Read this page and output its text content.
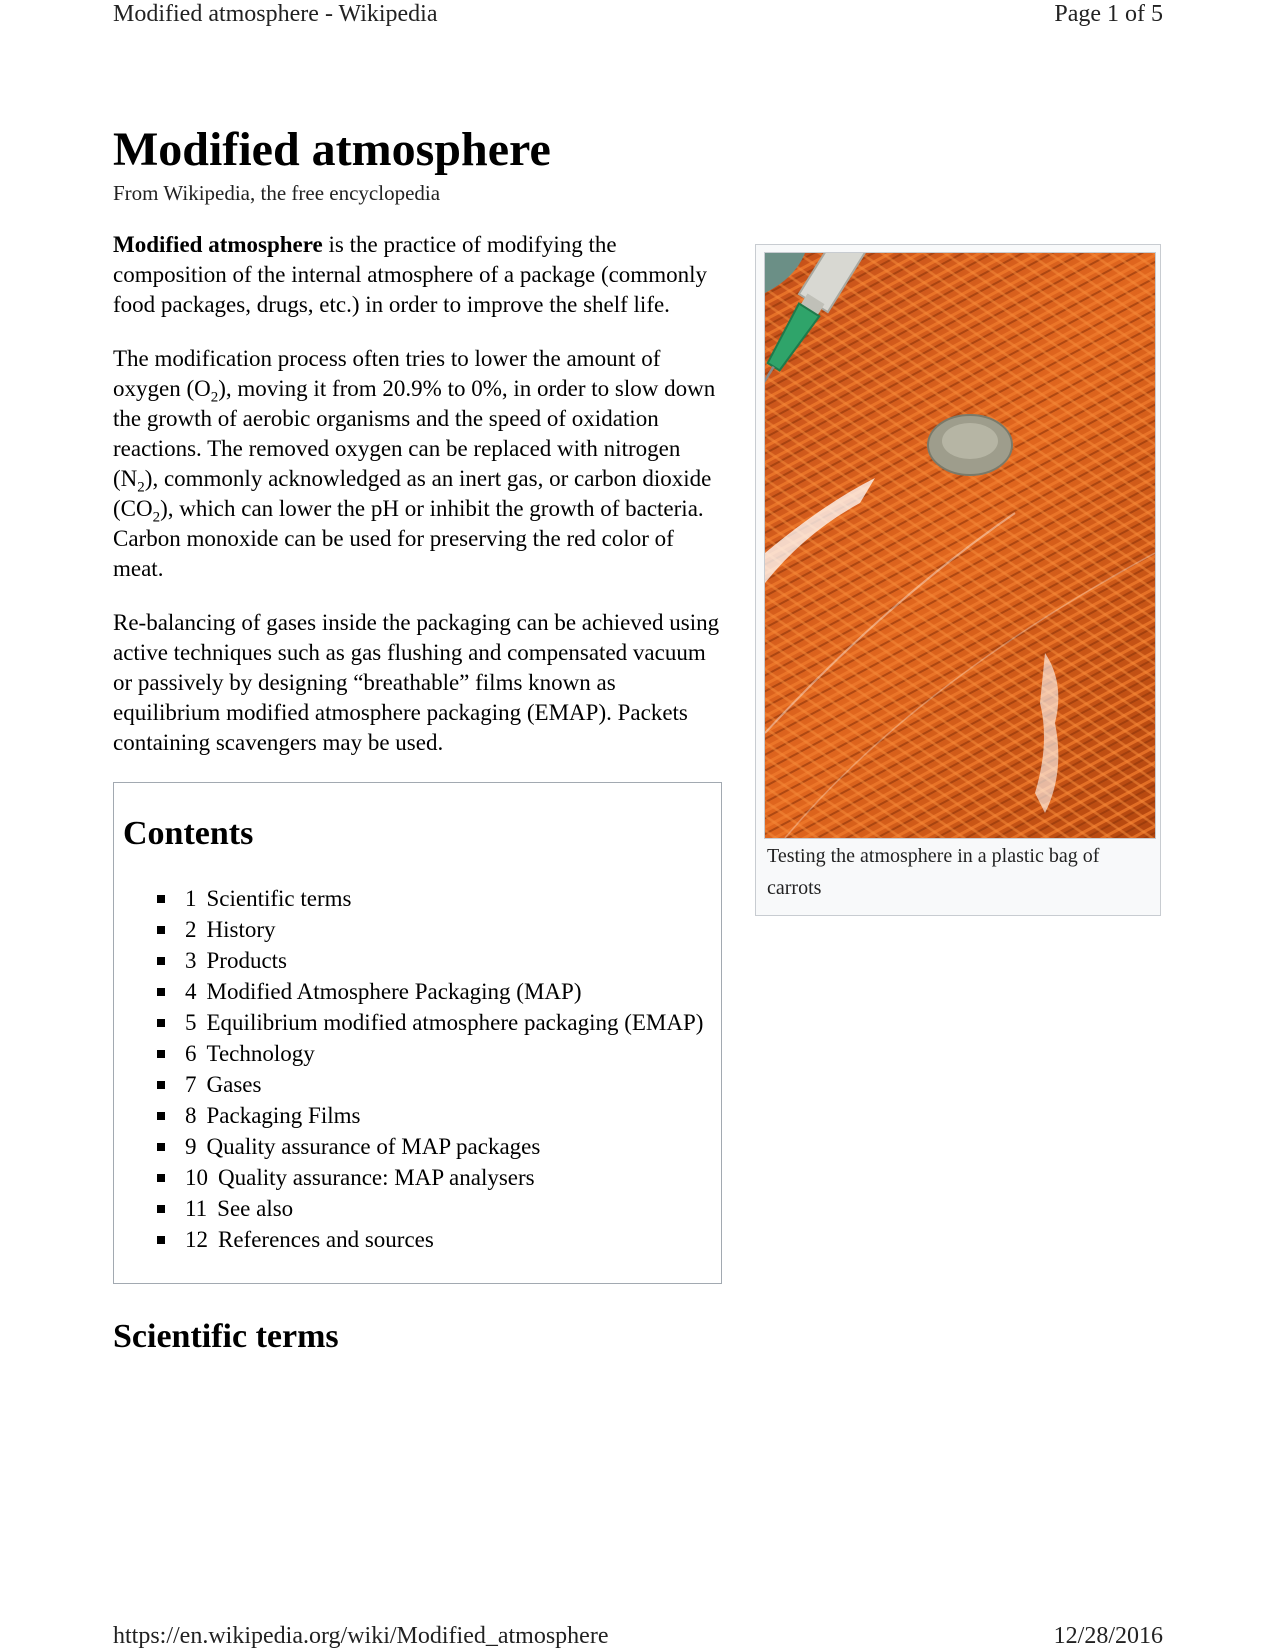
Modified atmosphere - Wikipedia	Page 1 of 5
Modified atmosphere
From Wikipedia, the free encyclopedia

Modified atmosphere is the practice of modifying the composition of the internal atmosphere of a package (commonly food packages, drugs, etc.) in order to improve the shelf life.

The modification process often tries to lower the amount of oxygen $(O_2)$, moving it from 20.9% to 0%, in order to slow down the growth of aerobic organisms and the speed of oxidation reactions. The removed oxygen can be replaced with nitrogen $(N_2)$, commonly acknowledged as an inert gas, or carbon dioxide $(CO_2)$, which can lower the pH or inhibit the growth of bacteria. Carbon monoxide can be used for preserving the red color of meat.

Re-balancing of gases inside the packaging can be achieved using active techniques such as gas flushing and compensated vacuum or passively by designing “breathable” films known as equilibrium modified atmosphere packaging (EMAP). Packets containing scavengers may be used.

Contents
1 Scientific terms
2 History
3 Products
4 Modified Atmosphere Packaging (MAP)
5 Equilibrium modified atmosphere packaging (EMAP)
6 Technology
7 Gases
8 Packaging Films
9 Quality assurance of MAP packages
10 Quality assurance: MAP analysers
11 See also
12 References and sources
Scientific terms
Testing the atmosphere in a plastic bag of carrots
https://en.wikipedia.org/wiki/Modified_atmosphere	12/28/2016
